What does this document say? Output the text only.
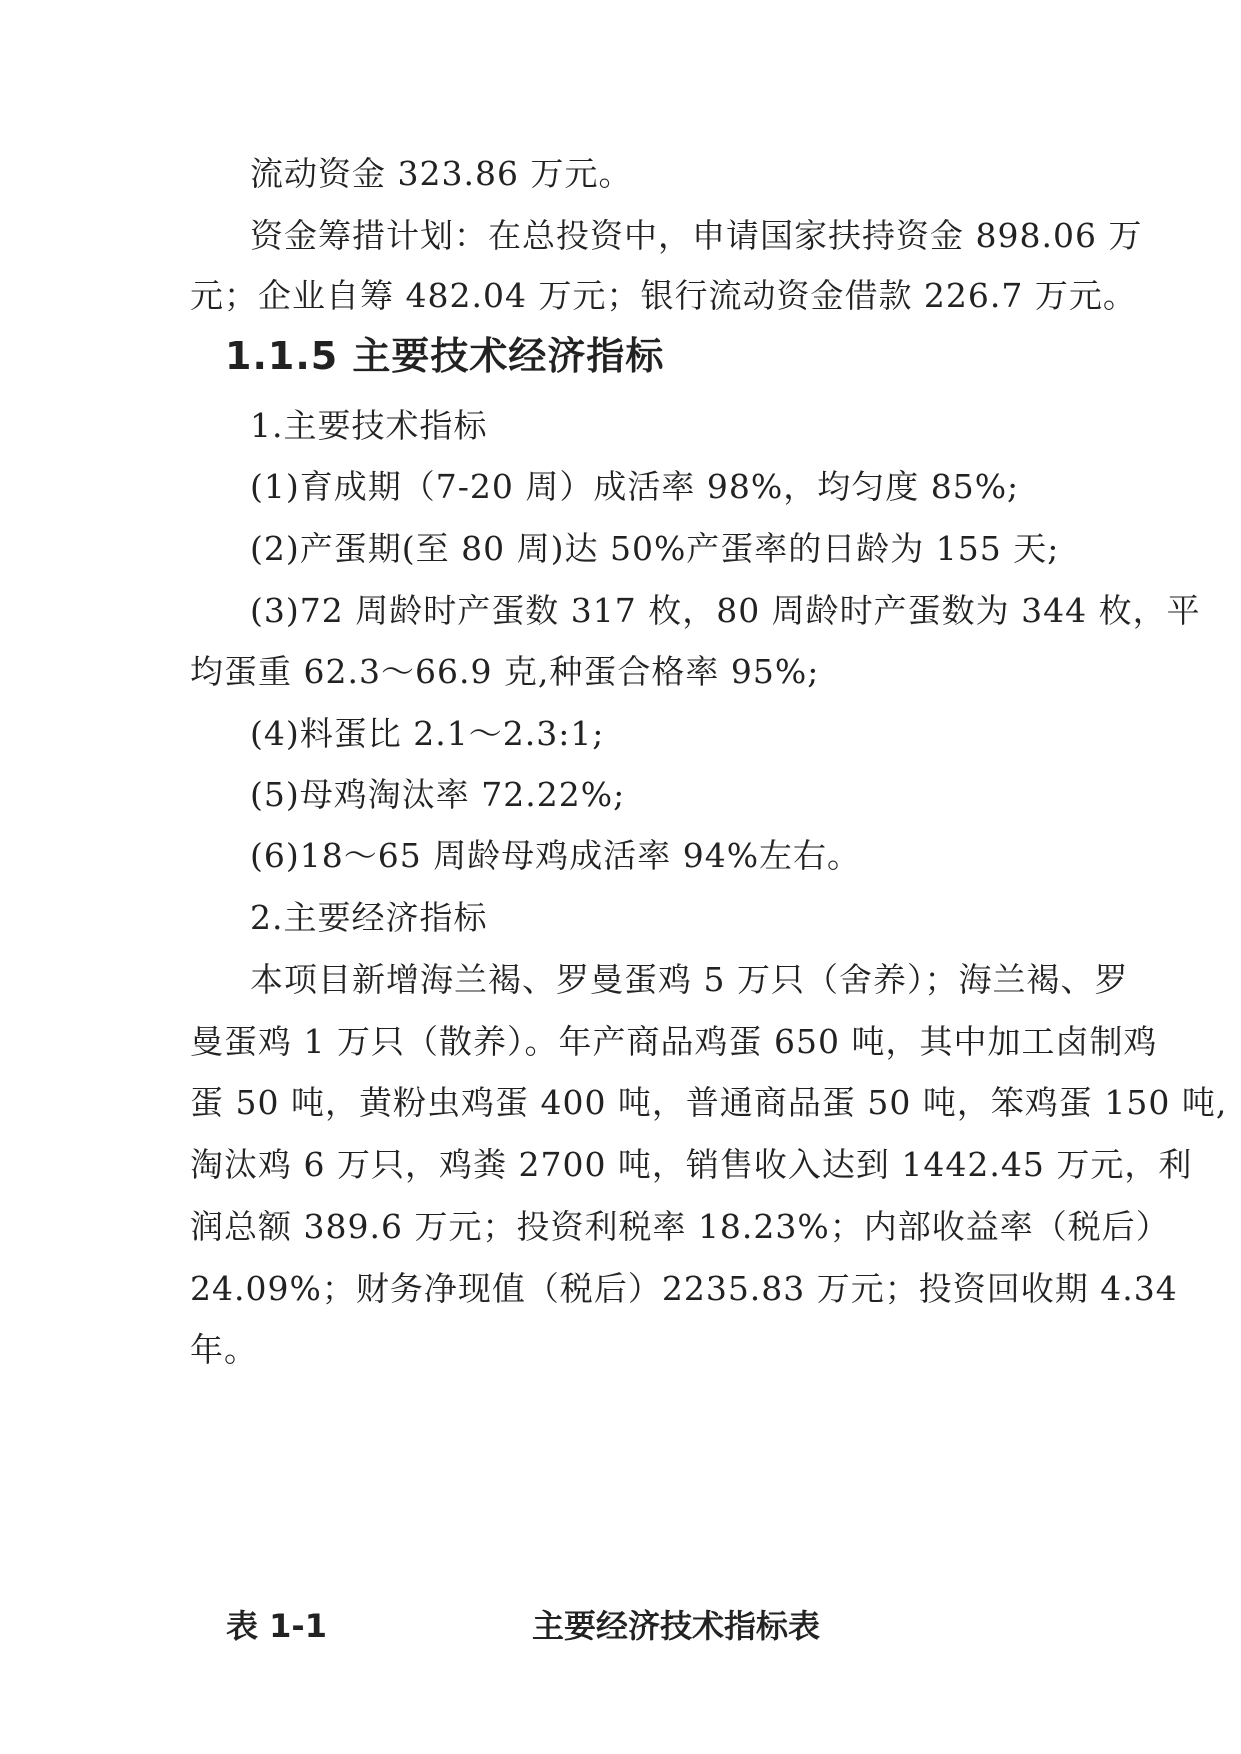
流动资金 323.86 万元。
资金筹措计划：在总投资中，申请国家扶持资金 898.06 万
元；企业自筹 482.04 万元；银行流动资金借款 226.7 万元。
1.1.5 主要技术经济指标
1.主要技术指标
(1)育成期（7-20 周）成活率 98%，均匀度 85%;
(2)产蛋期(至 80 周)达 50%产蛋率的日龄为 155 天;
(3)72 周龄时产蛋数 317 枚，80 周龄时产蛋数为 344 枚，平
均蛋重 62.3～66.9 克,种蛋合格率 95%;
(4)料蛋比 2.1～2.3:1;
(5)母鸡淘汰率 72.22%;
(6)18～65 周龄母鸡成活率 94%左右。
2.主要经济指标
本项目新增海兰褐、罗曼蛋鸡 5 万只（舍养）；海兰褐、罗
曼蛋鸡 1 万只（散养）。年产商品鸡蛋 650 吨，其中加工卤制鸡
蛋 50 吨，黄粉虫鸡蛋 400 吨，普通商品蛋 50 吨，笨鸡蛋 150 吨,
淘汰鸡 6 万只，鸡粪 2700 吨，销售收入达到 1442.45 万元，利
润总额 389.6 万元；投资利税率 18.23%；内部收益率（税后）
24.09%；财务净现值（税后）2235.83 万元；投资回收期 4.34
年。
表 1-1	主要经济技术指标表
